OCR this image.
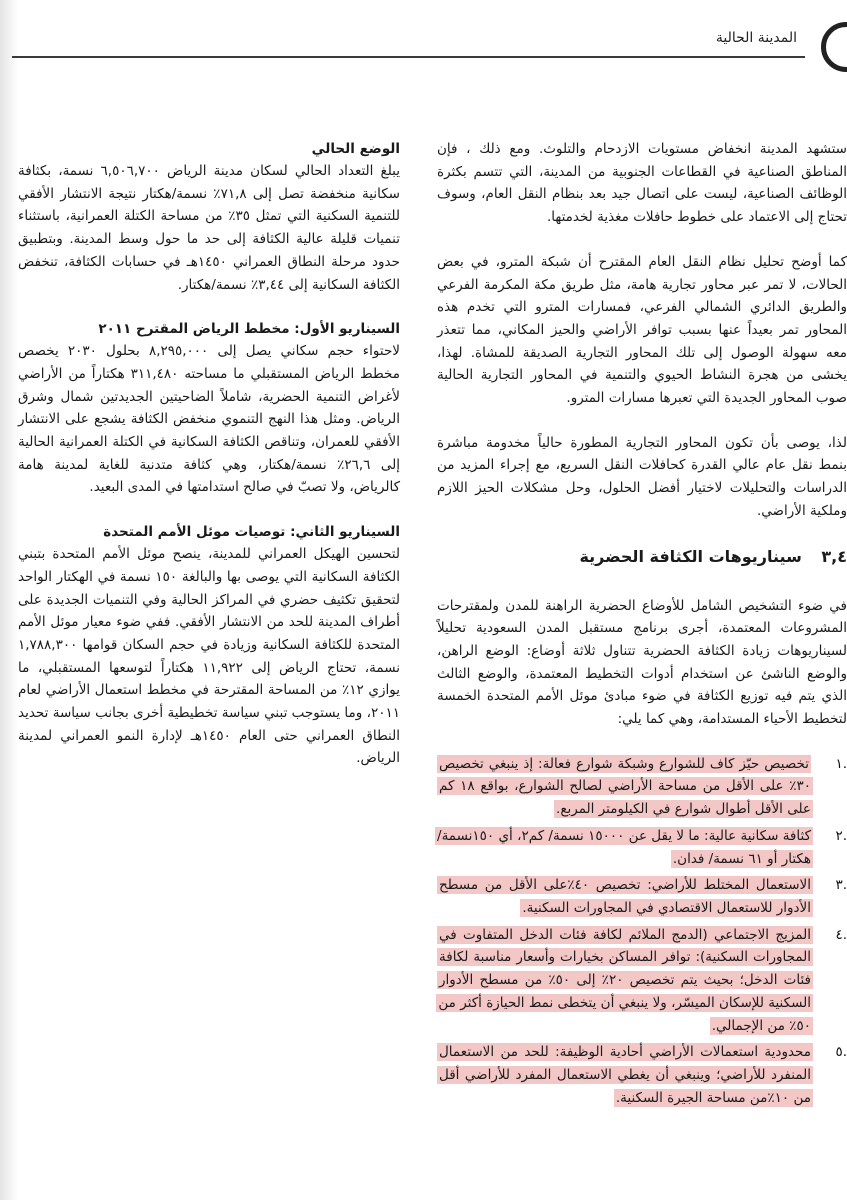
المدينة الحالية

ستشهد المدينة انخفاض مستويات الازدحام والتلوث. ومع ذلك ، فإن المناطق الصناعية في القطاعات الجنوبية من المدينة، التي تتسم بكثرة الوظائف الصناعية، ليست على اتصال جيد بعد بنظام النقل العام، وسوف تحتاج إلى الاعتماد على خطوط حافلات مغذية لخدمتها.

كما أوضح تحليل نظام النقل العام المقترح أن شبكة المترو، في بعض الحالات، لا تمر عبر محاور تجارية هامة، مثل طريق مكة المكرمة الفرعي والطريق الدائري الشمالي الفرعي، فمسارات المترو التي تخدم هذه المحاور تمر بعيداً عنها بسبب توافر الأراضي والحيز المكاني، مما تتعذر معه سهولة الوصول إلى تلك المحاور التجارية الصديقة للمشاة. لهذا، يخشى من هجرة النشاط الحيوي والتنمية في المحاور التجارية الحالية صوب المحاور الجديدة التي تعبرها مسارات المترو.

لذا، يوصى بأن تكون المحاور التجارية المطورة حالياً مخدومة مباشرة بنمط نقل عام عالي القدرة كحافلات النقل السريع، مع إجراء المزيد من الدراسات والتحليلات لاختيار أفضل الحلول، وحل مشكلات الحيز اللازم وملكية الأراضي.

٣,٤ سيناريوهات الكثافة الحضرية

في ضوء التشخيص الشامل للأوضاع الحضرية الراهنة للمدن ولمقترحات المشروعات المعتمدة، أجرى برنامج مستقبل المدن السعودية تحليلاً لسيناريوهات زيادة الكثافة الحضرية تتناول ثلاثة أوضاع: الوضع الراهن، والوضع الناشئ عن استخدام أدوات التخطيط المعتمدة، والوضع الثالث الذي يتم فيه توزيع الكثافة في ضوء مبادئ موئل الأمم المتحدة الخمسة لتخطيط الأحياء المستدامة، وهي كما يلي:

.١
تخصيص حيّز كاف للشوارع وشبكة شوارع فعالة: إذ ينبغي تخصيص ٣٠٪ على الأقل من مساحة الأراضي لصالح الشوارع، بواقع ١٨ كم على الأقل أطوال شوارع في الكيلومتر المربع.
.٢
كثافة سكانية عالية: ما لا يقل عن ١٥٠٠٠ نسمة/ كم٢، أي ١٥٠نسمة/ هكتار أو ٦١ نسمة/ فدان.
.٣
الاستعمال المختلط للأراضي: تخصيص ٤٠٪على الأقل من مسطح الأدوار للاستعمال الاقتصادي في المجاورات السكنية.
.٤
المزيج الاجتماعي (الدمج الملائم لكافة فئات الدخل المتفاوت في المجاورات السكنية): توافر المساكن بخيارات وأسعار مناسبة لكافة فئات الدخل؛ بحيث يتم تخصيص ٢٠٪ إلى ٥٠٪ من مسطح الأدوار السكنية للإسكان الميسّر، ولا ينبغي أن يتخطى نمط الحيازة أكثر من ٥٠٪ من الإجمالي.
.٥
محدودية استعمالات الأراضي أحادية الوظيفة: للحد من الاستعمال المنفرد للأراضي؛ وينبغي أن يغطي الاستعمال المفرد للأراضي أقل من ١٠٪من مساحة الجيرة السكنية.
الوضع الحالي

يبلغ التعداد الحالي لسكان مدينة الرياض ٦,٥٠٦,٧٠٠ نسمة، بكثافة سكانية منخفضة تصل إلى ٧١,٨٪ نسمة/هكتار نتيجة الانتشار الأفقي للتنمية السكنية التي تمثل ٣٥٪ من مساحة الكتلة العمرانية، باستثناء تنميات قليلة عالية الكثافة إلى حد ما حول وسط المدينة. وبتطبيق حدود مرحلة النطاق العمراني ١٤٥٠هـ في حسابات الكثافة، تنخفض الكثافة السكانية إلى ٣,٤٤٪ نسمة/هكتار.

السيناريو الأول: مخطط الرياض المقترح ٢٠١١

لاحتواء حجم سكاني يصل إلى ٨,٢٩٥,٠٠٠ بحلول ٢٠٣٠ يخصص مخطط الرياض المستقبلي ما مساحته ٣١١,٤٨٠ هكتاراً من الأراضي لأغراض التنمية الحضرية، شاملاً الضاحيتين الجديدتين شمال وشرق الرياض. ومثل هذا النهج التنموي منخفض الكثافة يشجع على الانتشار الأفقي للعمران، وتناقص الكثافة السكانية في الكتلة العمرانية الحالية إلى ٢٦,٦٪ نسمة/هكتار، وهي كثافة متدنية للغاية لمدينة هامة كالرياض، ولا تصبّ في صالح استدامتها في المدى البعيد.

السيناريو الثاني: توصيات موئل الأمم المتحدة

لتحسين الهيكل العمراني للمدينة، ينصح موئل الأمم المتحدة بتبني الكثافة السكانية التي يوصى بها والبالغة ١٥٠ نسمة في الهكتار الواحد لتحقيق تكثيف حضري في المراكز الحالية وفي التنميات الجديدة على أطراف المدينة للحد من الانتشار الأفقي. ففي ضوء معيار موئل الأمم المتحدة للكثافة السكانية وزيادة في حجم السكان قوامها ١,٧٨٨,٣٠٠ نسمة، تحتاج الرياض إلى ١١,٩٢٢ هكتاراً لتوسعها المستقبلي، ما يوازي ١٢٪ من المساحة المقترحة في مخطط استعمال الأراضي لعام ٢٠١١، وما يستوجب تبني سياسة تخطيطية أخرى بجانب سياسة تحديد النطاق العمراني حتى العام ١٤٥٠هـ لإدارة النمو العمراني لمدينة الرياض.
